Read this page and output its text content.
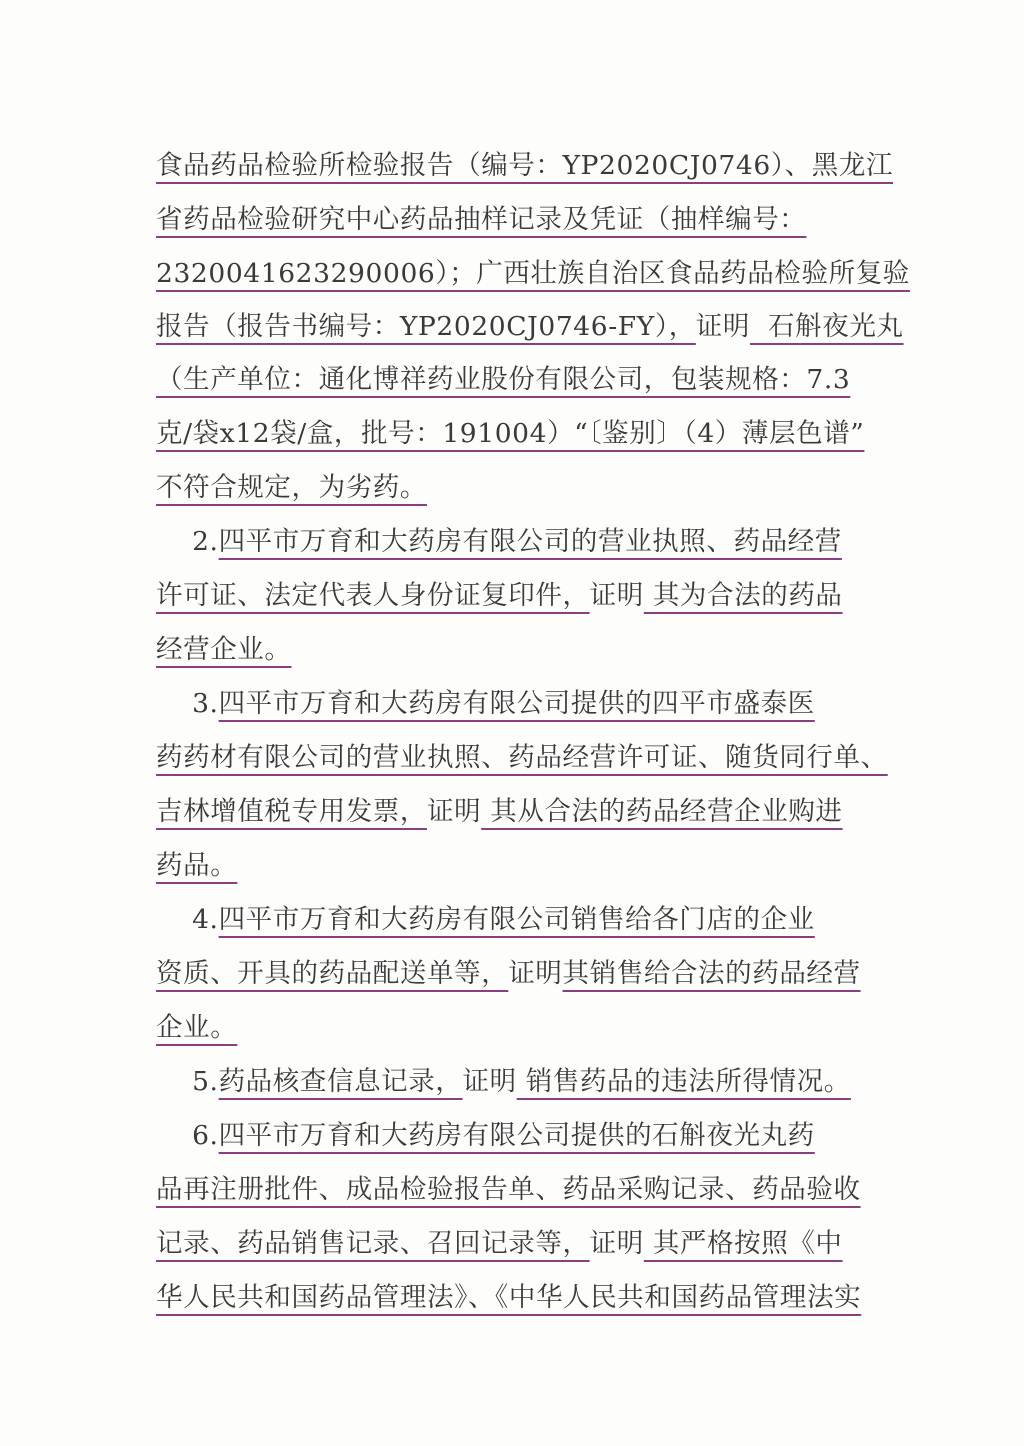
食品药品检验所检验报告（编号：YP2020CJ0746）、黑龙江
省药品检验研究中心药品抽样记录及凭证（抽样编号：
2320041623290006）；广西壮族自治区食品药品检验所复验
报告（报告书编号：YP2020CJ0746-FY），证明  石斛夜光丸
（生产单位：通化博祥药业股份有限公司，包装规格：7.3
克/袋x12袋/盒，批号：191004）“〔鉴别〕（4）薄层色谱”
不符合规定，为劣药。
2.四平市万育和大药房有限公司的营业执照、药品经营
许可证、法定代表人身份证复印件，证明 其为合法的药品
经营企业。
3.四平市万育和大药房有限公司提供的四平市盛泰医
药药材有限公司的营业执照、药品经营许可证、随货同行单、
吉林增值税专用发票，证明 其从合法的药品经营企业购进
药品。
4.四平市万育和大药房有限公司销售给各门店的企业
资质、开具的药品配送单等，证明其销售给合法的药品经营
企业。
5.药品核查信息记录，证明 销售药品的违法所得情况。
6.四平市万育和大药房有限公司提供的石斛夜光丸药
品再注册批件、成品检验报告单、药品采购记录、药品验收
记录、药品销售记录、召回记录等，证明 其严格按照《中
华人民共和国药品管理法》、《中华人民共和国药品管理法实
